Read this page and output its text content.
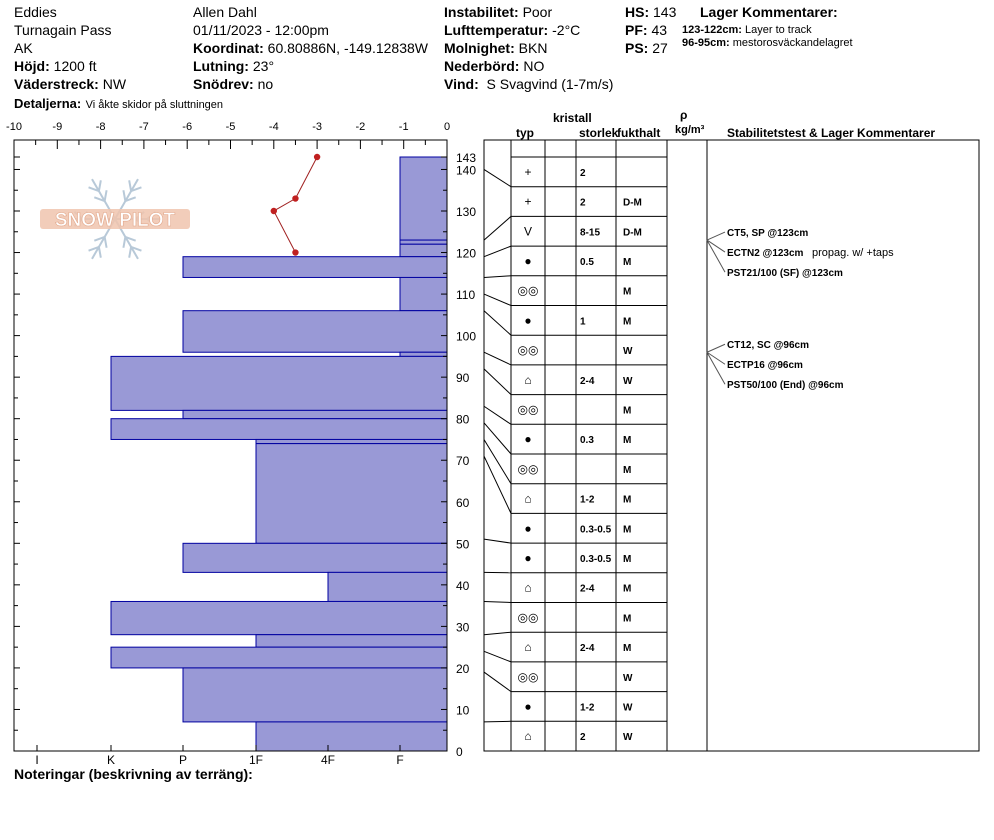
Eddies
Turnagain Pass
AK
Höjd: 1200 ft
Väderstreck: NW
Detaljerna: Vi åkte skidor på sluttningen
Allen Dahl
01/11/2023 - 12:00pm
Koordinat: 60.80886N, -149.12838W
Lutning: 23°
Snödrev: no
Instabilitet: Poor
Lufttemperatur: -2°C
Molnighet: BKN
Nederbörd: NO
Vind: S Svagvind (1-7m/s)
HS: 143
PF: 43
PS: 27
Lager Kommentarer:
123-122cm: Layer to track
96-95cm: mestorosväckandelagret
kristall
typ	storlek
fukthalt
ρ
kg/m³ Stabilitetstest & Lager Kommentarer
SNOW PILOT
-10	-9	-8	-7	-6	-5	-4	-3	-2	-1	0
I	K	P	1F	4F	F
143
140
130
120
110
100
90
80
70
60
50
40
30
20
10
0
+	2
+	2	D-M
V	8-15 D-M
●	0.5	M
◎◎	M
●	1	M
◎◎	W
⌂	2-4	W
◎◎	M
●	0.3	M
◎◎	M
⌂	1-2	M
●	0.3-0.5 M
●	0.3-0.5 M
⌂	2-4	M
◎◎	M
⌂	2-4	M
◎◎	W
●	1-2	W
⌂	2	W
CT12, SC @96cm
ECTP16 @96cm
PST50/100 (End) @96cm
CT5, SP @123cm
ECTN2 @123cm propag. w/ +taps
PST21/100 (SF) @123cm
Noteringar (beskrivning av terräng):
